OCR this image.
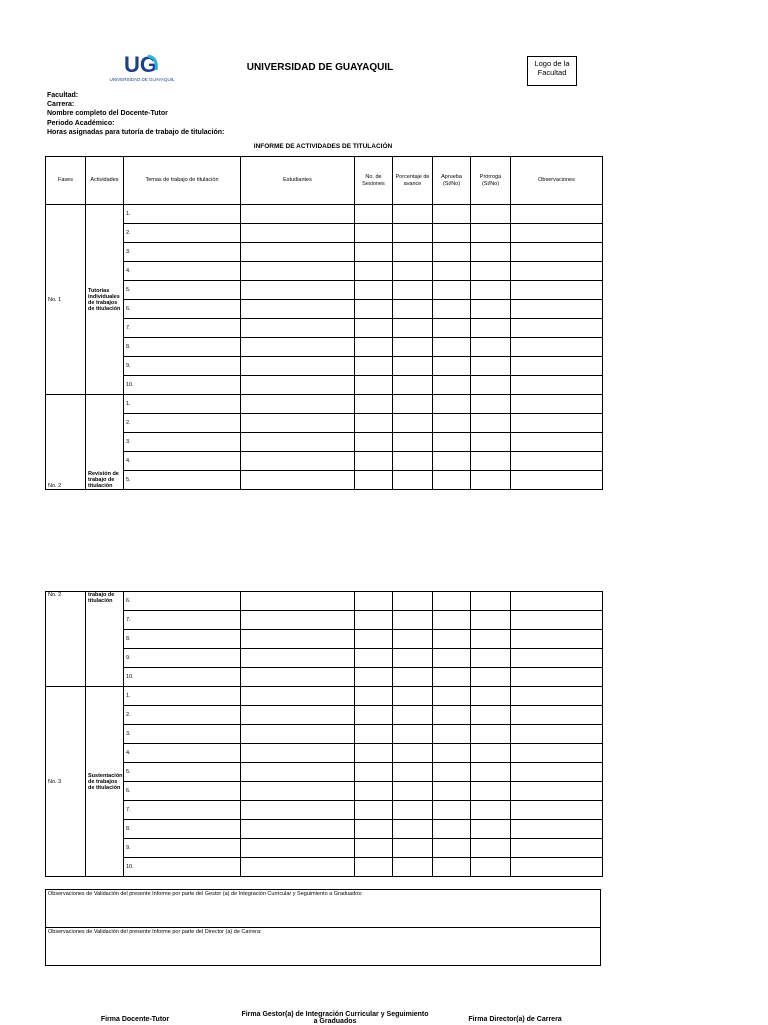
UG
UNIVERSIDAD DE GUAYAQUIL
UNIVERSIDAD DE GUAYAQUIL	Logo de la Facultad
Facultad:
Carrera:
Nombre completo del Docente-Tutor
Periodo Académico:
Horas asignadas para tutoría de trabajo de titulación:
INFORME DE ACTIVIDADES DE TITULACIÓN
Fases	Actividades	Temas de trabajo de titulación	Estudiantes	No. de Sesiones	Porcentaje de avance	Aprueba (Si/No)	Prórroga (Si/No)	Observaciones
No. 1	Tutorías individuales de trabajos de titulación	1.						
		2.						
		3.						
		4.						
		5.						
		6.						
		7.						
		8.						
		9.						
		10.						
No. 2	Revisión de trabajo de titulación	1.						
		2.						
		3.						
		4.						
		5.						
No. 2	trabajo de titulación	6.						
		7.						
		8.						
		9.						
		10.						
No. 3	Sustentación de trabajos de titulación	1.						
		2.						
		3.						
		4.						
		5.						
		6.						
		7.						
		8.						
		9.						
		10.						
Observaciones de Validación del presente Informe por parte del Gestor (a) de Integración Curricular y Seguimiento a Graduados:
Observaciones de Validación del presente Informe por parte del Director (a) de Carrera:
Firma Docente-Tutor
Firma Gestor(a) de Integración Curricular y Seguimiento a Graduados	Firma Director(a) de Carrera
